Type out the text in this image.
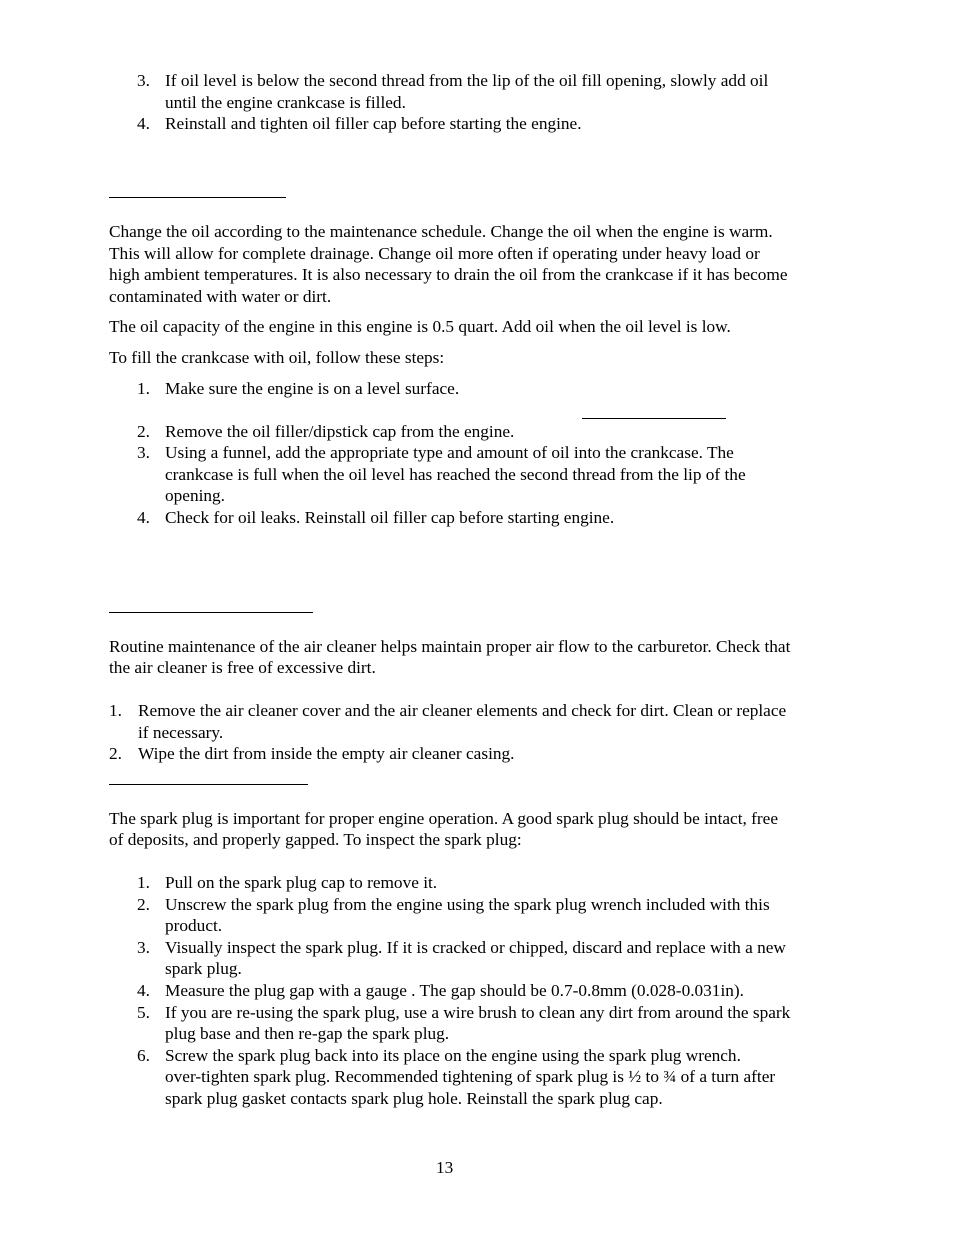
3. If oil level is below the second thread from the lip of the oil fill opening, slowly add oil
until the engine crankcase is filled.
4. Reinstall and tighten oil filler cap before starting the engine.
Change the oil according to the maintenance schedule. Change the oil when the engine is warm.
This will allow for complete drainage. Change oil more often if operating under heavy load or
high ambient temperatures. It is also necessary to drain the oil from the crankcase if it has become
contaminated with water or dirt.
The oil capacity of the engine in this engine is 0.5 quart. Add oil when the oil level is low.
To fill the crankcase with oil, follow these steps:
1. Make sure the engine is on a level surface.
2. Remove the oil filler/dipstick cap from the engine.
3. Using a funnel, add the appropriate type and amount of oil into the crankcase. The
crankcase is full when the oil level has reached the second thread from the lip of the
opening.
4. Check for oil leaks. Reinstall oil filler cap before starting engine.
Routine maintenance of the air cleaner helps maintain proper air flow to the carburetor. Check that
the air cleaner is free of excessive dirt.
1. Remove the air cleaner cover and the air cleaner elements and check for dirt. Clean or replace
if necessary.
2. Wipe the dirt from inside the empty air cleaner casing.
The spark plug is important for proper engine operation. A good spark plug should be intact, free
of deposits, and properly gapped. To inspect the spark plug:
1. Pull on the spark plug cap to remove it.
2. Unscrew the spark plug from the engine using the spark plug wrench included with this
product.
3. Visually inspect the spark plug. If it is cracked or chipped, discard and replace with a new
spark plug.
4. Measure the plug gap with a gauge . The gap should be 0.7-0.8mm (0.028-0.031in).
5. If you are re-using the spark plug, use a wire brush to clean any dirt from around the spark
plug base and then re-gap the spark plug.
6. Screw the spark plug back into its place on the engine using the spark plug wrench.
over-tighten spark plug. Recommended tightening of spark plug is ½ to ¾ of a turn after
spark plug gasket contacts spark plug hole. Reinstall the spark plug cap.
13
